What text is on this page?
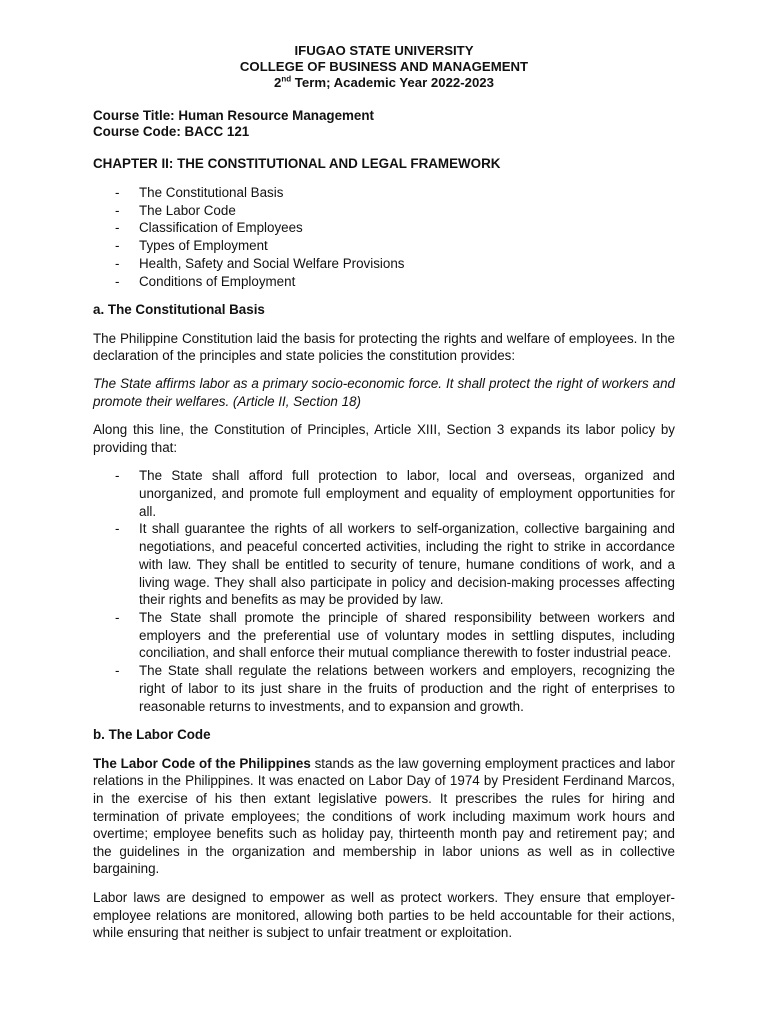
IFUGAO STATE UNIVERSITY
COLLEGE OF BUSINESS AND MANAGEMENT
2nd Term; Academic Year 2022-2023
Course Title: Human Resource Management
Course Code: BACC 121
CHAPTER II: THE CONSTITUTIONAL AND LEGAL FRAMEWORK
- The Constitutional Basis
- The Labor Code
- Classification of Employees
- Types of Employment
- Health, Safety and Social Welfare Provisions
- Conditions of Employment
a. The Constitutional Basis

The Philippine Constitution laid the basis for protecting the rights and welfare of employees. In the declaration of the principles and state policies the constitution provides:

The State affirms labor as a primary socio-economic force. It shall protect the right of workers and promote their welfares. (Article II, Section 18)

Along this line, the Constitution of Principles, Article XIII, Section 3 expands its labor policy by providing that:

- The State shall afford full protection to labor, local and overseas, organized and unorganized, and promote full employment and equality of employment opportunities for all.
- It shall guarantee the rights of all workers to self-organization, collective bargaining and negotiations, and peaceful concerted activities, including the right to strike in accordance with law. They shall be entitled to security of tenure, humane conditions of work, and a living wage. They shall also participate in policy and decision-making processes affecting their rights and benefits as may be provided by law.
- The State shall promote the principle of shared responsibility between workers and employers and the preferential use of voluntary modes in settling disputes, including conciliation, and shall enforce their mutual compliance therewith to foster industrial peace.
- The State shall regulate the relations between workers and employers, recognizing the right of labor to its just share in the fruits of production and the right of enterprises to reasonable returns to investments, and to expansion and growth.
b. The Labor Code

The Labor Code of the Philippines stands as the law governing employment practices and labor relations in the Philippines. It was enacted on Labor Day of 1974 by President Ferdinand Marcos, in the exercise of his then extant legislative powers. It prescribes the rules for hiring and termination of private employees; the conditions of work including maximum work hours and overtime; employee benefits such as holiday pay, thirteenth month pay and retirement pay; and the guidelines in the organization and membership in labor unions as well as in collective bargaining.

Labor laws are designed to empower as well as protect workers. They ensure that employer-employee relations are monitored, allowing both parties to be held accountable for their actions, while ensuring that neither is subject to unfair treatment or exploitation.
